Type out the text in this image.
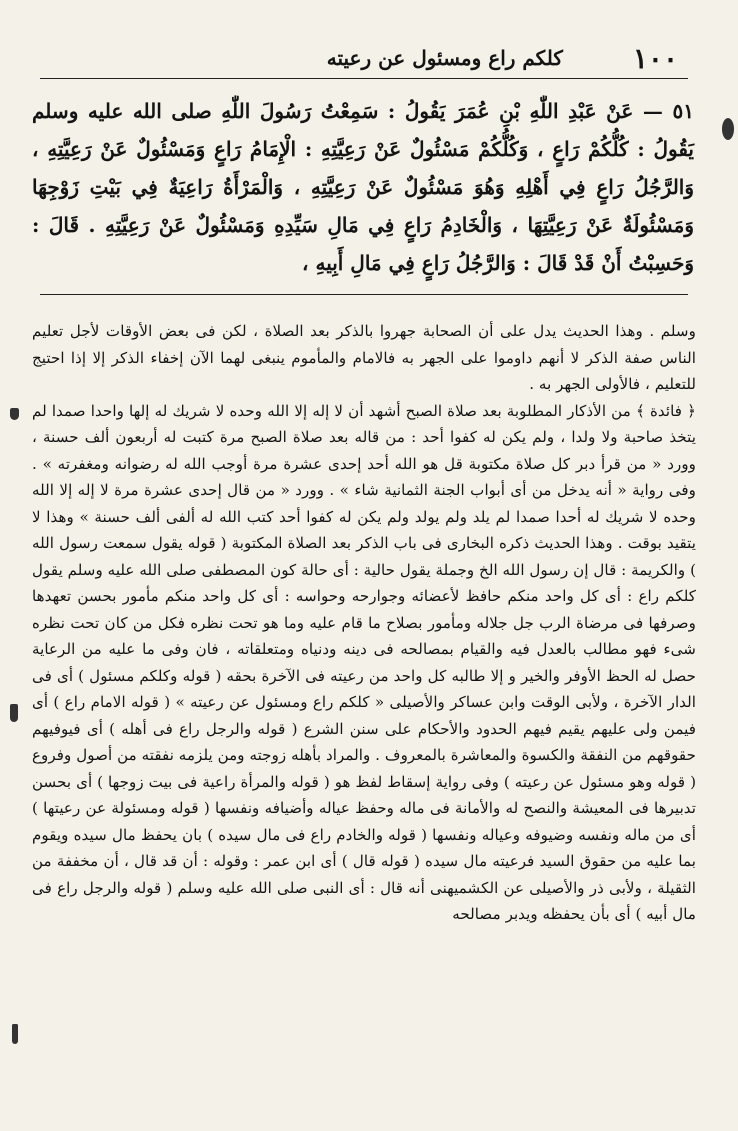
١٠٠
كلكم راع ومسئول عن رعيته

٥١ — عَنْ عَبْدِ اللّٰهِ بْنِ عُمَرَ يَقُولُ : سَمِعْتُ رَسُولَ اللّٰهِ صلى الله عليه وسلم يَقُولُ : كُلُّكُمْ رَاعٍ ، وَكُلُّكُمْ مَسْئُولٌ عَنْ رَعِيَّتِهِ : الْإِمَامُ رَاعٍ وَمَسْئُولٌ عَنْ رَعِيَّتِهِ ، وَالرَّجُلُ رَاعٍ فِي أَهْلِهِ وَهُوَ مَسْئُولٌ عَنْ رَعِيَّتِهِ ، وَالْمَرْأَةُ رَاعِيَةٌ فِي بَيْتِ زَوْجِهَا وَمَسْئُولَةٌ عَنْ رَعِيَّتِهَا ، وَالْخَادِمُ رَاعٍ فِي مَالِ سَيِّدِهِ وَمَسْئُولٌ عَنْ رَعِيَّتِهِ . قَالَ : وَحَسِبْتُ أَنْ قَدْ قَالَ : وَالرَّجُلُ رَاعٍ فِي مَالِ أَبِيهِ ،

وسلم . وهذا الحديث يدل على أن الصحابة جهروا بالذكر بعد الصلاة ، لكن فى بعض الأوقات لأجل تعليم الناس صفة الذكر لا أنهم داوموا على الجهر به فالامام والمأموم ينبغى لهما الآن إخفاء الذكر إلا إذا احتيج للتعليم ، فالأولى الجهر به .

﴿ فائدة ﴾ من الأذكار المطلوبة بعد صلاة الصبح أشهد أن لا إله إلا الله وحده لا شريك له إلها واحدا صمدا لم يتخذ صاحبة ولا ولدا ، ولم يكن له كفوا أحد : من قاله بعد صلاة الصبح مرة كتبت له أربعون ألف حسنة ، وورد « من قرأ دبر كل صلاة مكتوبة قل هو الله أحد إحدى عشرة مرة أوجب الله له رضوانه ومغفرته » . وفى رواية « أنه يدخل من أى أبواب الجنة الثمانية شاء » . وورد « من قال إحدى عشرة مرة لا إله إلا الله وحده لا شريك له أحدا صمدا لم يلد ولم يولد ولم يكن له كفوا أحد كتب الله له ألفى ألف حسنة » وهذا لا يتقيد بوقت . وهذا الحديث ذكره البخارى فى باب الذكر بعد الصلاة المكتوبة ( قوله يقول سمعت رسول الله ) والكريمة : قال إن رسول الله الخ وجملة يقول حالية : أى حالة كون المصطفى صلى الله عليه وسلم يقول كلكم راع : أى كل واحد منكم حافظ لأعضائه وجوارحه وحواسه : أى كل واحد منكم مأمور بحسن تعهدها وصرفها فى مرضاة الرب جل جلاله ومأمور بصلاح ما قام عليه وما هو تحت نظره فكل من كان تحت نظره شىء فهو مطالب بالعدل فيه والقيام بمصالحه فى دينه ودنياه ومتعلقاته ، فان وفى ما عليه من الرعاية حصل له الحظ الأوفر والخير و إلا طالبه كل واحد من رعيته فى الآخرة بحقه ( قوله وكلكم مسئول ) أى فى الدار الآخرة ، ولأبى الوقت وابن عساكر والأصيلى « كلكم راع ومسئول عن رعيته » ( قوله الامام راع ) أى فيمن ولى عليهم يقيم فيهم الحدود والأحكام على سنن الشرع ( قوله والرجل راع فى أهله ) أى فيوفيهم حقوقهم من النفقة والكسوة والمعاشرة بالمعروف . والمراد بأهله زوجته ومن يلزمه نفقته من أصول وفروع ( قوله وهو مسئول عن رعيته ) وفى رواية إسقاط لفظ هو ( قوله والمرأة راعية فى بيت زوجها ) أى بحسن تدبيرها فى المعيشة والنصح له والأمانة فى ماله وحفظ عياله وأضيافه ونفسها ( قوله ومسئولة عن رعيتها ) أى من ماله ونفسه وضيوفه وعياله ونفسها ( قوله والخادم راع فى مال سيده ) بان يحفظ مال سيده ويقوم بما عليه من حقوق السيد فرعيته مال سيده ( قوله قال ) أى ابن عمر : وقوله : أن قد قال ، أن مخففة من الثقيلة ، ولأبى ذر والأصيلى عن الكشميهنى أنه قال : أى النبى صلى الله عليه وسلم ( قوله والرجل راع فى مال أبيه ) أى بأن يحفظه ويدبر مصالحه
